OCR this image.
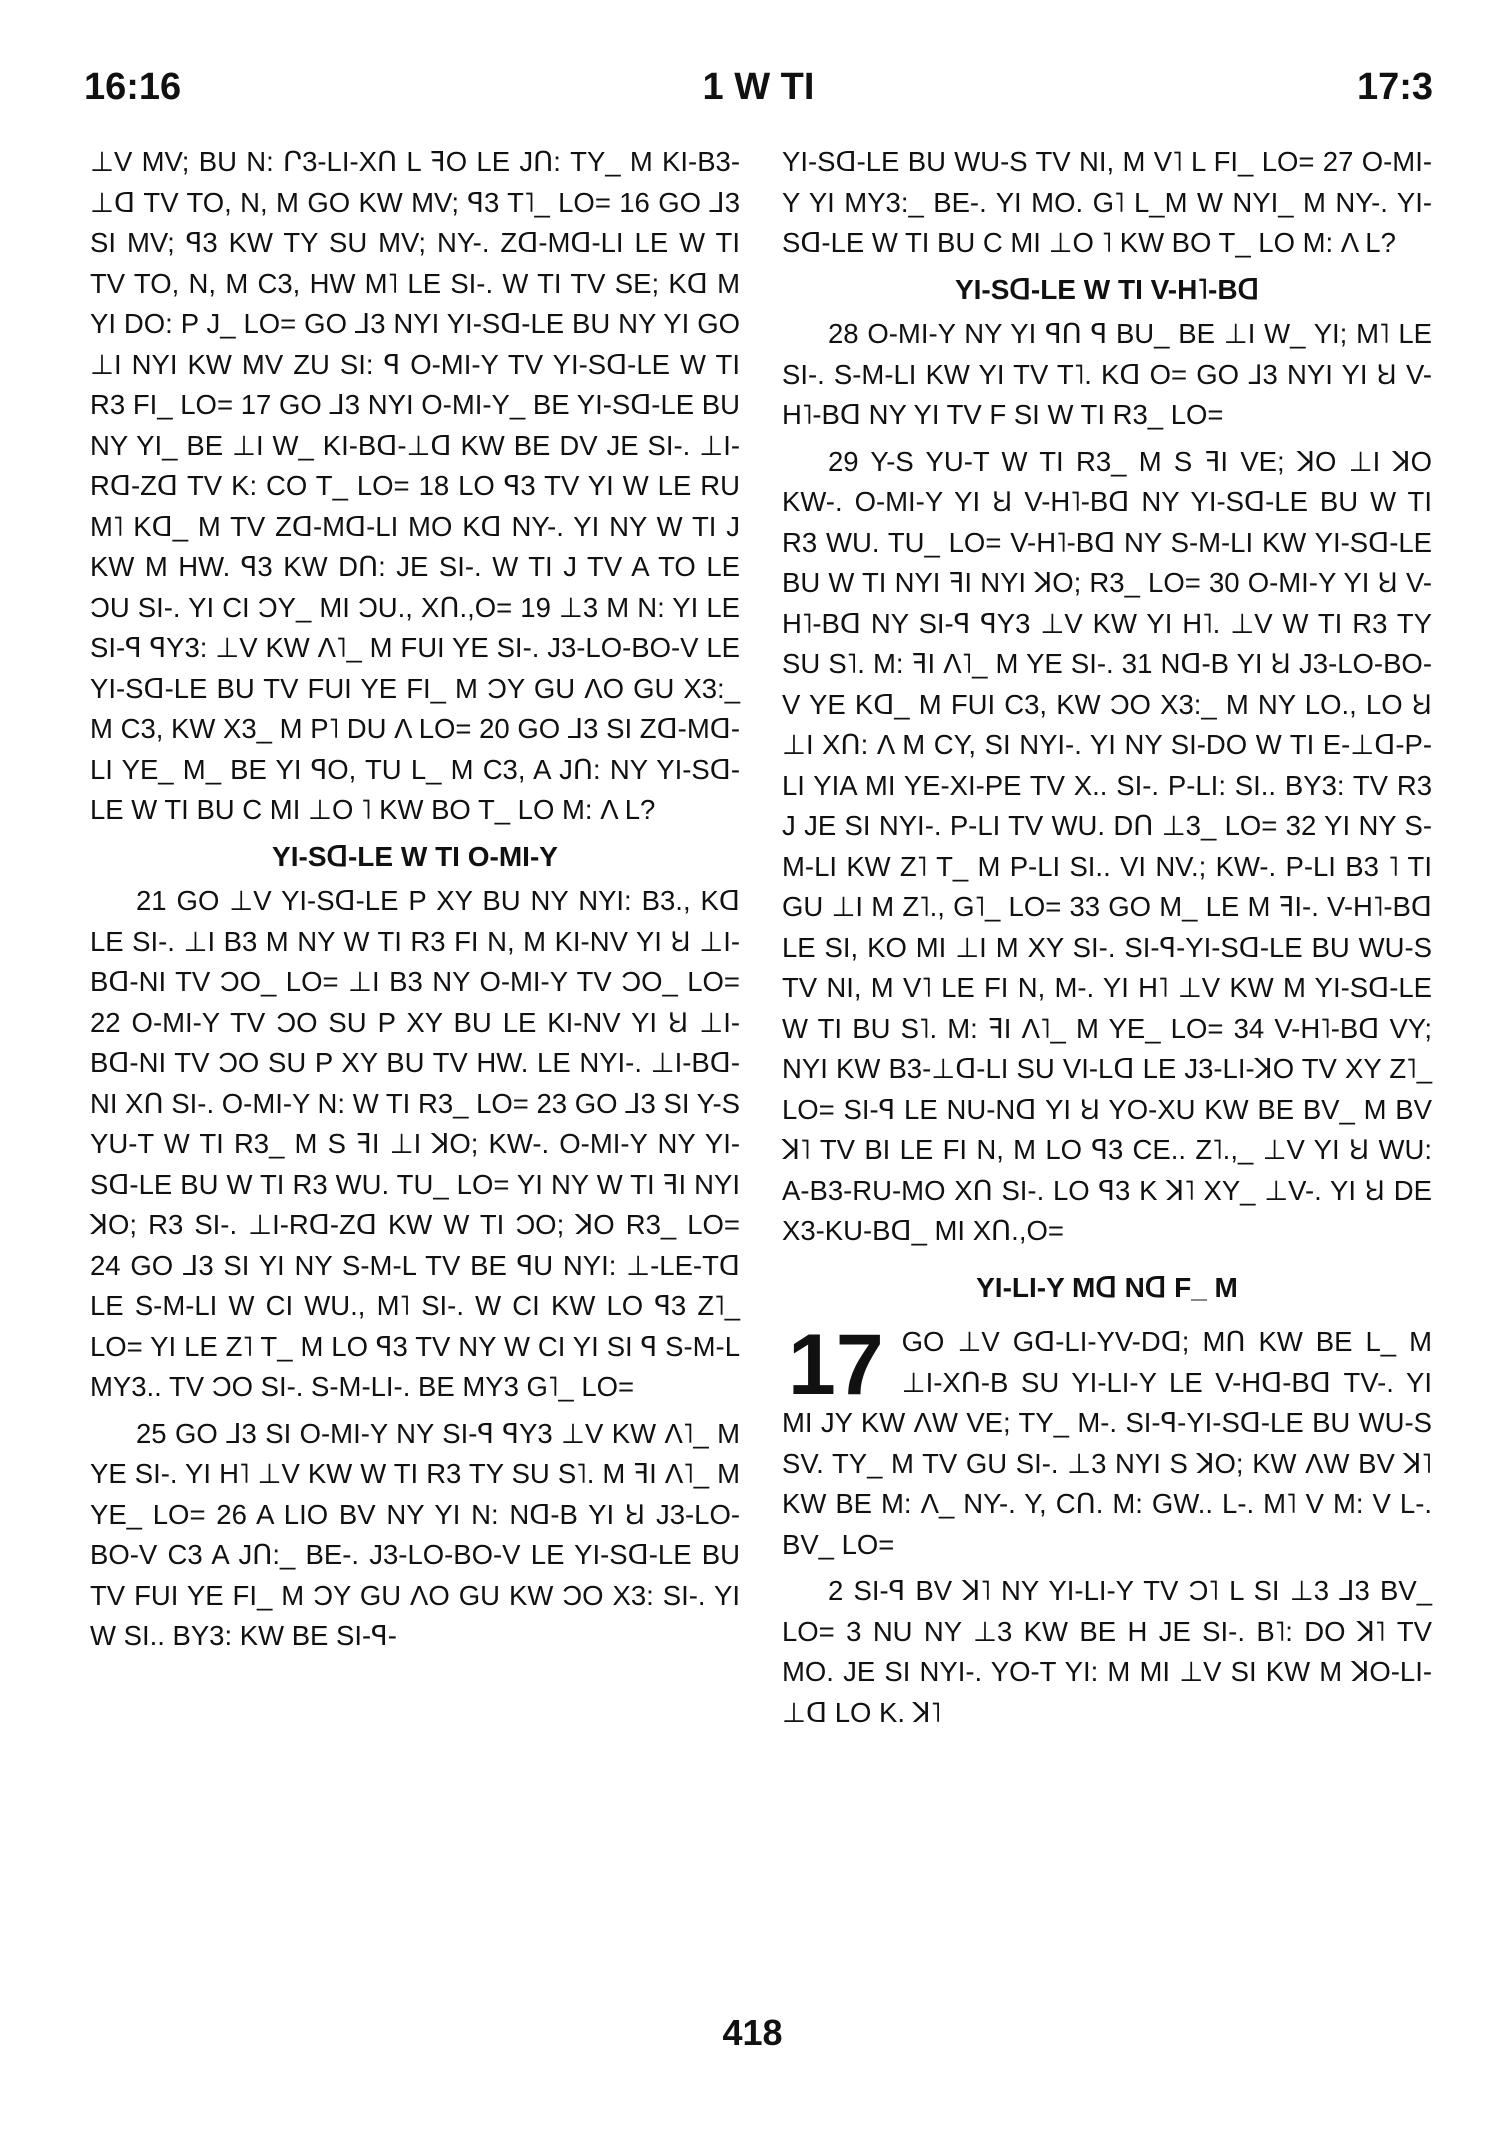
16:16	1 W TI	17:3

⊥V MV; BU N: Ր3-LI-XՈ L ꟻO LE JՈ: TY_ M KI-B3-⊥ꓷ TV TO, N, M GO KW MV; ꟼ3 T˥_ LO= 16 GO ⅃3 SI MV; ꟼ3 KW TY SU MV; NY-. Zꓷ-Mꓷ-LI LE W TI TV TO, N, M C3, HW M˥ LE SI-. W TI TV SE; Kꓷ M YI DO: P J_ LO= GO ⅃3 NYI YI-Sꓷ-LE BU NY YI GO ⊥I NYI KW MV ZU SI: ꟼ O-MI-Y TV YI-Sꓷ-LE W TI R3 FI_ LO= 17 GO ⅃3 NYI O-MI-Y_ BE YI-Sꓷ-LE BU NY YI_ BE ⊥I W_ KI-Bꓷ-⊥ꓷ KW BE DV JE SI-. ⊥I-Rꓷ-Zꓷ TV K: CO T_ LO= 18 LO ꟼ3 TV YI W LE RU M˥ Kꓷ_ M TV Zꓷ-Mꓷ-LI MO Kꓷ NY-. YI NY W TI J KW M HW. ꟼ3 KW DՈ: JE SI-. W TI J TV A TO LE ƆU SI-. YI CI ƆY_ MI ƆU., XՈ.,O= 19 ⊥3 M N: YI LE SI-ꟼ ꟼY3: ⊥V KW Λ˥_ M FUI YE SI-. J3-LO-BO-V LE YI-Sꓷ-LE BU TV FUI YE FI_ M ƆY GU ΛO GU X3:_ M C3, KW X3_ M P˥ DU Λ LO= 20 GO ⅃3 SI Zꓷ-Mꓷ-LI YE_ M_ BE YI ꟼO, TU L_ M C3, A JՈ: NY YI-Sꓷ-LE W TI BU C MI ⊥O ˥ KW BO T_ LO M: Λ L?

YI-Sꓷ-LE W TI O-MI-Y

21 GO ⊥V YI-Sꓷ-LE P XY BU NY NYI: B3., Kꓷ LE SI-. ⊥I B3 M NY W TI R3 FI N, M KI-NV YI Ꞟ ⊥I-Bꓷ-NI TV ƆO_ LO= ⊥I B3 NY O-MI-Y TV ƆO_ LO= 22 O-MI-Y TV ƆO SU P XY BU LE KI-NV YI Ꞟ ⊥I-Bꓷ-NI TV ƆO SU P XY BU TV HW. LE NYI-. ⊥I-Bꓷ-NI XՈ SI-. O-MI-Y N: W TI R3_ LO= 23 GO ⅃3 SI Y-S YU-T W TI R3_ M S ꟻI ⊥I ꓘO; KW-. O-MI-Y NY YI-Sꓷ-LE BU W TI R3 WU. TU_ LO= YI NY W TI ꟻI NYI ꓘO; R3 SI-. ⊥I-Rꓷ-Zꓷ KW W TI ƆO; ꓘO R3_ LO= 24 GO ⅃3 SI YI NY S-M-L TV BE ꟼU NYI: ⊥-LE-Tꓷ LE S-M-LI W CI WU., M˥ SI-. W CI KW LO ꟼ3 Z˥_ LO= YI LE Z˥ T_ M LO ꟼ3 TV NY W CI YI SI ꟼ S-M-L MY3.. TV ƆO SI-. S-M-LI-. BE MY3 G˥_ LO=

25 GO ⅃3 SI O-MI-Y NY SI-ꟼ ꟼY3 ⊥V KW Λ˥_ M YE SI-. YI H˥ ⊥V KW W TI R3 TY SU S˥. M ꟻI Λ˥_ M YE_ LO= 26 A LIO BV NY YI N: Nꓷ-B YI Ꞟ J3-LO-BO-V C3 A JՈ:_ BE-. J3-LO-BO-V LE YI-Sꓷ-LE BU TV FUI YE FI_ M ƆY GU ΛO GU KW ƆO X3: SI-. YI W SI.. BY3: KW BE SI-ꟼ-

YI-Sꓷ-LE BU WU-S TV NI, M V˥ L FI_ LO= 27 O-MI-Y YI MY3:_ BE-. YI MO. G˥ L_M W NYI_ M NY-. YI-Sꓷ-LE W TI BU C MI ⊥O ˥ KW BO T_ LO M: Λ L?

YI-Sꓷ-LE W TI V-H˥-Bꓷ

28 O-MI-Y NY YI ꟼՈ ꟼ BU_ BE ⊥I W_ YI; M˥ LE SI-. S-M-LI KW YI TV T˥. Kꓷ O= GO ⅃3 NYI YI Ꞟ V-H˥-Bꓷ NY YI TV F SI W TI R3_ LO=

29 Y-S YU-T W TI R3_ M S ꟻI VE; ꓘO ⊥I ꓘO KW-. O-MI-Y YI Ꞟ V-H˥-Bꓷ NY YI-Sꓷ-LE BU W TI R3 WU. TU_ LO= V-H˥-Bꓷ NY S-M-LI KW YI-Sꓷ-LE BU W TI NYI ꟻI NYI ꓘO; R3_ LO= 30 O-MI-Y YI Ꞟ V-H˥-Bꓷ NY SI-ꟼ ꟼY3 ⊥V KW YI H˥. ⊥V W TI R3 TY SU S˥. M: ꟻI Λ˥_ M YE SI-. 31 Nꓷ-B YI Ꞟ J3-LO-BO-V YE Kꓷ_ M FUI C3, KW ƆO X3:_ M NY LO., LO Ꞟ ⊥I XՈ: Λ M CY, SI NYI-. YI NY SI-DO W TI E-⊥ꓷ-P-LI YIA MI YE-XI-PE TV X.. SI-. P-LI: SI.. BY3: TV R3 J JE SI NYI-. P-LI TV WU. DՈ ⊥3_ LO= 32 YI NY S-M-LI KW Z˥ T_ M P-LI SI.. VI NV.; KW-. P-LI B3 ˥ TI GU ⊥I M Z˥., G˥_ LO= 33 GO M_ LE M ꟻI-. V-H˥-Bꓷ LE SI, KO MI ⊥I M XY SI-. SI-ꟼ-YI-Sꓷ-LE BU WU-S TV NI, M V˥ LE FI N, M-. YI H˥ ⊥V KW M YI-Sꓷ-LE W TI BU S˥. M: ꟻI Λ˥_ M YE_ LO= 34 V-H˥-Bꓷ VY; NYI KW B3-⊥ꓷ-LI SU VI-Lꓷ LE J3-LI-ꓘO TV XY Z˥_ LO= SI-ꟼ LE NU-Nꓷ YI Ꞟ YO-XU KW BE BV_ M BV ꓘ˥ TV BI LE FI N, M LO ꟼ3 CE.. Z˥.,_ ⊥V YI Ꞟ WU: A-B3-RU-MO XՈ SI-. LO ꟼ3 K ꓘ˥ XY_ ⊥V-. YI Ꞟ DE X3-KU-Bꓷ_ MI XՈ.,O=

YI-LI-Y Mꓷ Nꓷ F_ M
17 GO ⊥V Gꓷ-LI-YV-Dꓷ; MՈ KW BE L_ M ⊥I-XՈ-B SU YI-LI-Y LE V-Hꓷ-Bꓷ TV-. YI MI JY KW ΛW VE; TY_ M-. SI-ꟼ-YI-Sꓷ-LE BU WU-S SV. TY_ M TV GU SI-. ⊥3 NYI S ꓘO; KW ΛW BV ꓘ˥ KW BE M: Λ_ NY-. Y, CՈ. M: GW.. L-. M˥ V M: V L-. BV_ LO=

2 SI-ꟼ BV ꓘ˥ NY YI-LI-Y TV Ɔ˥ L SI ⊥3 ⅃3 BV_ LO= 3 NU NY ⊥3 KW BE H JE SI-. B˥: DO ꓘ˥ TV MO. JE SI NYI-. YO-T YI: M MI ⊥V SI KW M ꓘO-LI-⊥ꓷ LO K. ꓘ˥

418
